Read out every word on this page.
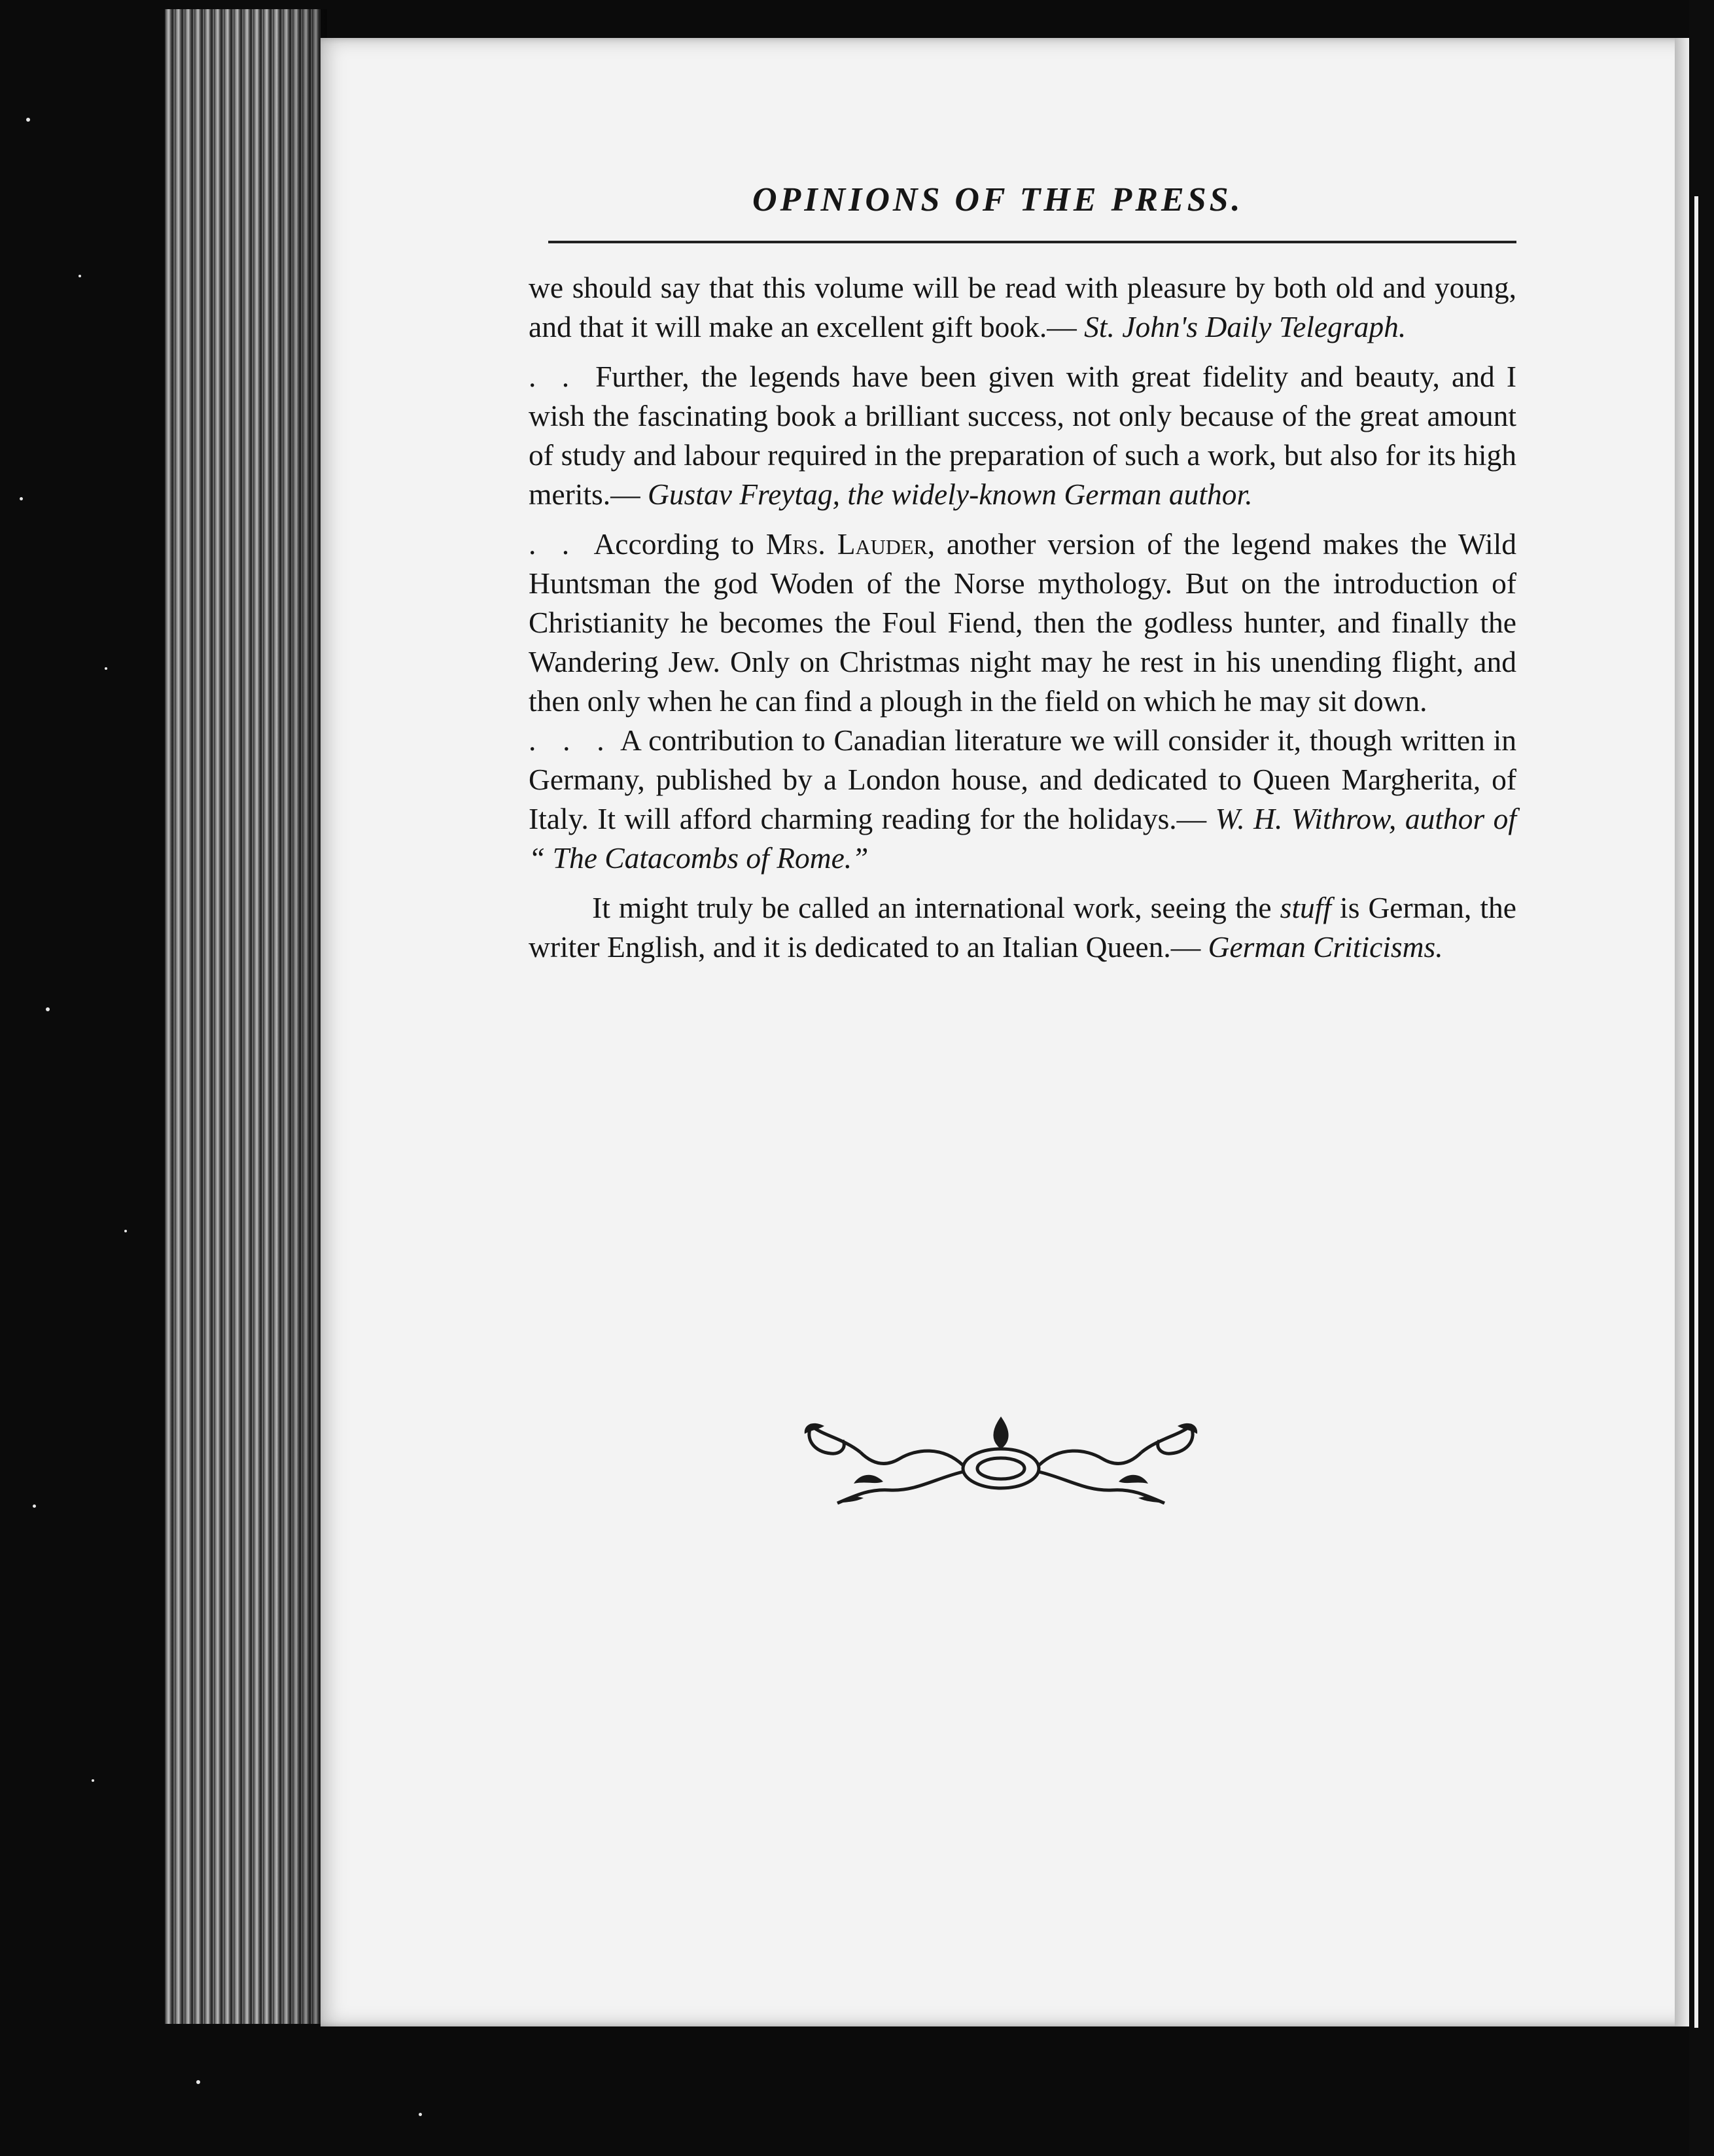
OPINIONS OF THE PRESS.

we should say that this volume will be read with pleasure by both old and young, and that it will make an excellent gift book.— St. John's Daily Telegraph.

. . Further, the legends have been given with great fidelity and beauty, and I wish the fascinating book a brilliant success, not only because of the great amount of study and labour required in the preparation of such a work, but also for its high merits.— Gustav Freytag, the widely-known German author.

. . According to Mrs. Lauder, another version of the legend makes the Wild Huntsman the god Woden of the Norse mythology. But on the introduction of Christianity he becomes the Foul Fiend, then the godless hunter, and finally the Wandering Jew. Only on Christmas night may he rest in his unending flight, and then only when he can find a plough in the field on which he may sit down.

. . . A contribution to Canadian literature we will consider it, though written in Germany, published by a London house, and dedicated to Queen Margherita, of Italy. It will afford charming reading for the holidays.— W. H. Withrow, author of “ The Catacombs of Rome.”

It might truly be called an international work, seeing the stuff is German, the writer English, and it is dedicated to an Italian Queen.— German Criticisms.
